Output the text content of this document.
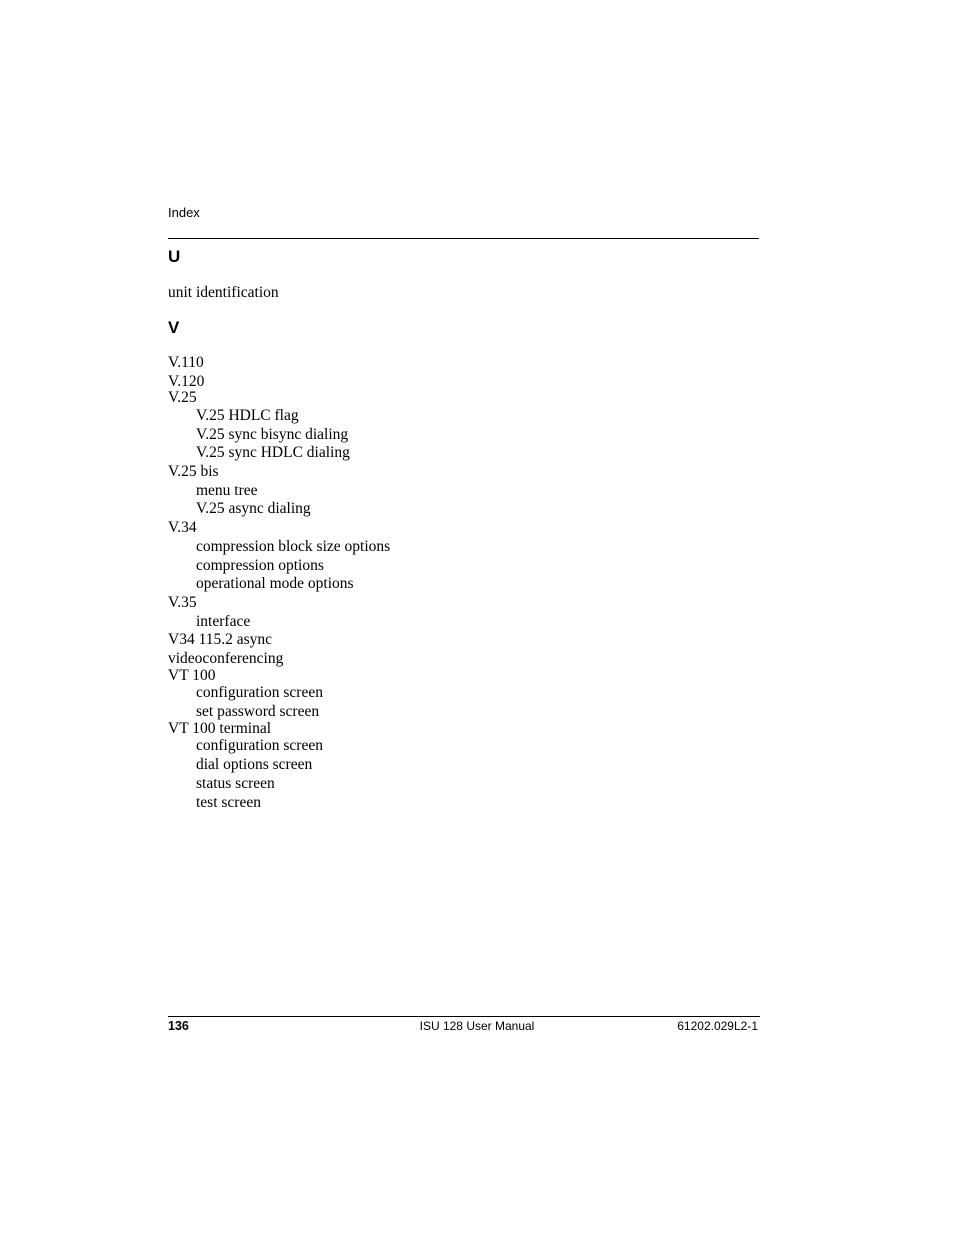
Index
U
unit identification
V
V.110
V.120
V.25
V.25 HDLC flag
V.25 sync bisync dialing
V.25 sync HDLC dialing
V.25 bis
menu tree
V.25 async dialing
V.34
compression block size options
compression options
operational mode options
V.35
interface
V34 115.2 async
videoconferencing
VT 100
configuration screen
set password screen
VT 100 terminal
configuration screen
dial options screen
status screen
test screen
136	ISU 128 User Manual	61202.029L2-1
